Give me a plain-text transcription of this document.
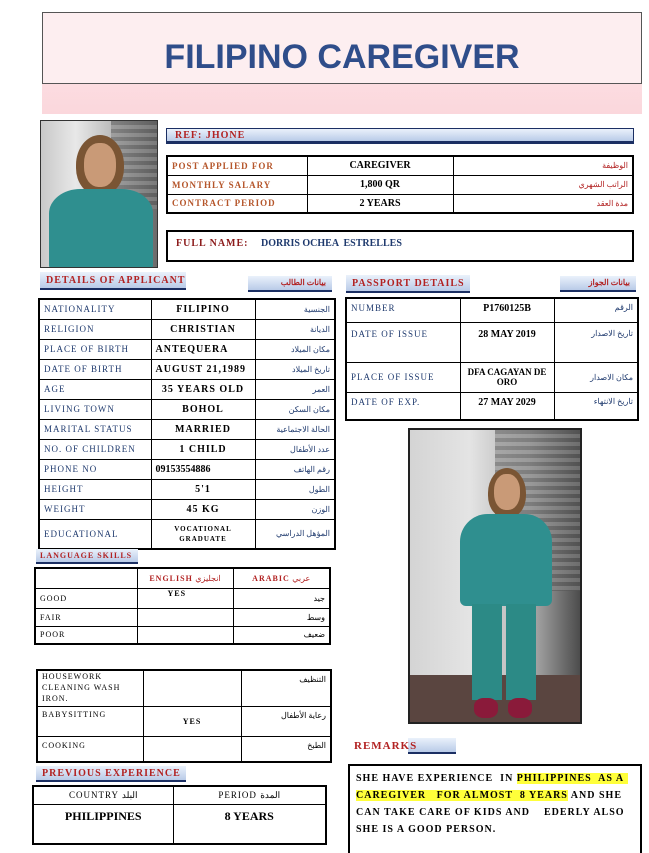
FILIPINO CAREGIVER
REF: JHONE
POST APPLIED FOR	CAREGIVER	الوظيفة
MONTHLY SALARY	1,800 QR	الراتب الشهري
CONTRACT PERIOD	2 YEARS	مدة العقد
FULL NAME: DORRIS OCHEA  ESTRELLES
DETAILS OF APPLICANT	بيانات الطالب
NATIONALITY	FILIPINO	الجنسية
RELIGION	CHRISTIAN	الديانة
PLACE OF BIRTH	ANTEQUERA	مكان الميلاد
DATE OF BIRTH	AUGUST 21,1989	تاريخ الميلاد
AGE	35 YEARS OLD	العمر
LIVING TOWN	BOHOL	مكان السكن
MARITAL STATUS	MARRIED	الحالة الاجتماعية
NO. OF CHILDREN	1 CHILD	عدد الأطفال
PHONE NO	09153554886	رقم الهاتف
HEIGHT	5'1	الطول
WEIGHT	45 KG	الوزن
EDUCATIONAL	VOCATIONAL GRADUATE	المؤهل الدراسي
PASSPORT DETAILS	بيانات الجواز
NUMBER	P1760125B	الرقم
DATE OF ISSUE	28 MAY 2019	تاريخ الاصدار
PLACE OF ISSUE	DFA CAGAYAN DE ORO	مكان الاصدار
DATE OF EXP.	27 MAY 2029	تاريخ الانتهاء
LANGUAGE SKILLS
	ENGLISH انجليزي	ARABIC عربي
GOOD	YES	جيد
FAIR		وسط
POOR		ضعيف
HOUSEWORK CLEANING WASH IRON.		التنظيف
BABYSITTING	YES	رعاية الأطفال
COOKING		الطبخ
PREVIOUS EXPERIENCE
COUNTRY البلد	PERIOD المدة
PHILIPPINES	8 YEARS
REMARKS
SHE HAVE EXPERIENCE  IN PHILIPPINES  AS A CAREGIVER   FOR ALMOST  8 YEARS AND SHE CAN TAKE CARE OF KIDS AND    EDERLY ALSO SHE IS A GOOD PERSON.
